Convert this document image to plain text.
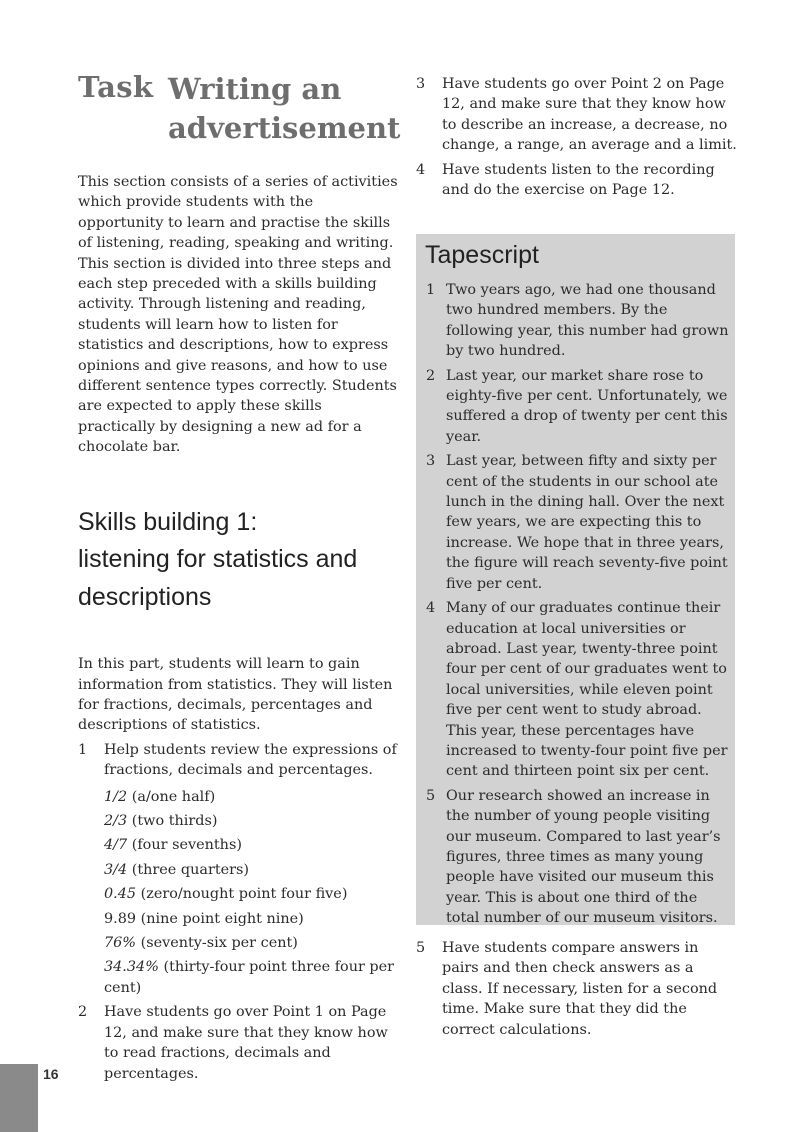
Task Writing an advertisement

This section consists of a series of activities which provide students with the opportunity to learn and practise the skills of listening, reading, speaking and writing. This section is divided into three steps and each step preceded with a skills building activity. Through listening and reading, students will learn how to listen for statistics and descriptions, how to express opinions and give reasons, and how to use different sentence types correctly. Students are expected to apply these skills practically by designing a new ad for a chocolate bar.

Skills building 1:
listening for statistics and
descriptions

In this part, students will learn to gain information from statistics. They will listen for fractions, decimals, percentages and descriptions of statistics.

1 Help students review the expressions of fractions, decimals and percentages.
1/2 (a/one half)
2/3 (two thirds)
4/7 (four sevenths)
3/4 (three quarters)
0.45 (zero/nought point four five)
9.89 (nine point eight nine)
76% (seventy-six per cent)
34.34% (thirty-four point three four per cent)
2 Have students go over Point 1 on Page 12, and make sure that they know how to read fractions, decimals and percentages.
3 Have students go over Point 2 on Page 12, and make sure that they know how to describe an increase, a decrease, no change, a range, an average and a limit.
4 Have students listen to the recording and do the exercise on Page 12.
Tapescript
1 Two years ago, we had one thousand two hundred members. By the following year, this number had grown by two hundred.
2 Last year, our market share rose to eighty-five per cent. Unfortunately, we suffered a drop of twenty per cent this year.
3 Last year, between fifty and sixty per cent of the students in our school ate lunch in the dining hall. Over the next few years, we are expecting this to increase. We hope that in three years, the figure will reach seventy-five point five per cent.
4 Many of our graduates continue their education at local universities or abroad. Last year, twenty-three point four per cent of our graduates went to local universities, while eleven point five per cent went to study abroad. This year, these percentages have increased to twenty-four point five per cent and thirteen point six per cent.
5 Our research showed an increase in the number of young people visiting our museum. Compared to last year’s figures, three times as many young people have visited our museum this year. This is about one third of the total number of our museum visitors.
5 Have students compare answers in pairs and then check answers as a class. If necessary, listen for a second time. Make sure that they did the correct calculations.
16
